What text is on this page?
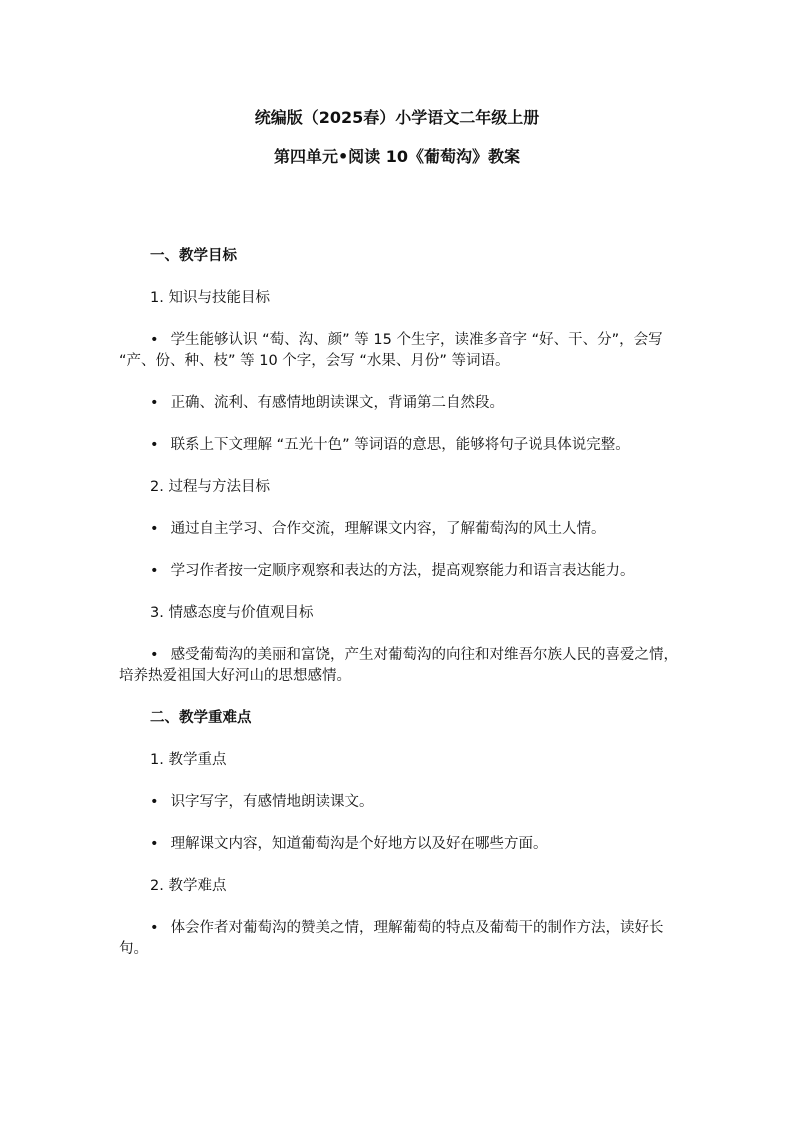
统编版（2025春）小学语文二年级上册
第四单元•阅读 10《葡萄沟》教案

一、教学目标

1. 知识与技能目标

• 学生能够认识 “萄、沟、颜” 等 15 个生字，读准多音字 “好、干、分”，会写 “产、份、种、枝” 等 10 个字，会写 “水果、月份” 等词语。

• 正确、流利、有感情地朗读课文，背诵第二自然段。

• 联系上下文理解 “五光十色” 等词语的意思，能够将句子说具体说完整。

2. 过程与方法目标

• 通过自主学习、合作交流，理解课文内容，了解葡萄沟的风土人情。

• 学习作者按一定顺序观察和表达的方法，提高观察能力和语言表达能力。

3. 情感态度与价值观目标

• 感受葡萄沟的美丽和富饶，产生对葡萄沟的向往和对维吾尔族人民的喜爱之情，培养热爱祖国大好河山的思想感情。

二、教学重难点

1. 教学重点

• 识字写字，有感情地朗读课文。

• 理解课文内容，知道葡萄沟是个好地方以及好在哪些方面。

2. 教学难点

• 体会作者对葡萄沟的赞美之情，理解葡萄的特点及葡萄干的制作方法，读好长句。
